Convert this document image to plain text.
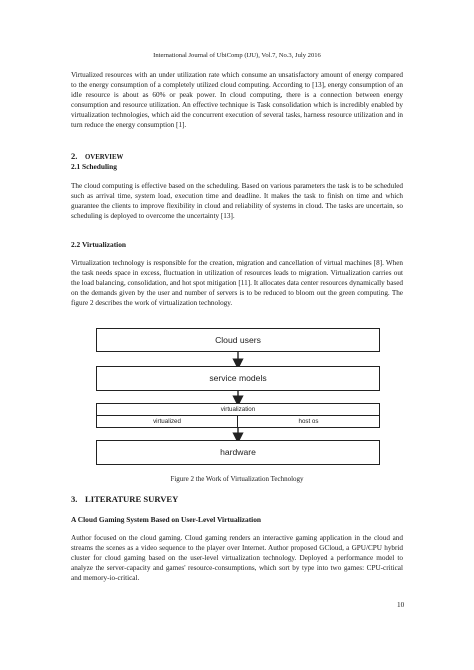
International Journal of UbiComp (IJU), Vol.7, No.3, July 2016

Virtualized resources with an under utilization rate which consume an unsatisfactory amount of energy compared to the energy consumption of a completely utilized cloud computing. According to [13], energy consumption of an idle resource is about as 60% or peak power. In cloud computing, there is a connection between energy consumption and resource utilization. An effective technique is Task consolidation which is incredibly enabled by virtualization technologies, which aid the concurrent execution of several tasks, harness resource utilization and in turn reduce the energy consumption [1].

2. OVERVIEW
2.1 Scheduling

The cloud computing is effective based on the scheduling. Based on various parameters the task is to be scheduled such as arrival time, system load, execution time and deadline. It makes the task to finish on time and which guarantee the clients to improve flexibility in cloud and reliability of systems in cloud. The tasks are uncertain, so scheduling is deployed to overcome the uncertainty [13].

2.2 Virtualization

Virtualization technology is responsible for the creation, migration and cancellation of virtual machines [8]. When the task needs space in excess, fluctuation in utilization of resources leads to migration. Virtualization carries out the load balancing, consolidation, and hot spot mitigation [11]. It allocates data center resources dynamically based on the demands given by the user and number of servers is to be reduced to bloom out the green computing. The figure 2 describes the work of virtualization technology.

Cloud users
service models
virtualization
virtualized	host os
hardware
Figure 2 the Work of Virtualization Technology
3. LITERATURE SURVEY
A Cloud Gaming System Based on User-Level Virtualization

Author focused on the cloud gaming. Cloud gaming renders an interactive gaming application in the cloud and streams the scenes as a video sequence to the player over Internet. Author proposed GCloud, a GPU/CPU hybrid cluster for cloud gaming based on the user-level virtualization technology. Deployed a performance model to analyze the server-capacity and games' resource-consumptions, which sort by type into two games: CPU-critical and memory-io-critical.

10
